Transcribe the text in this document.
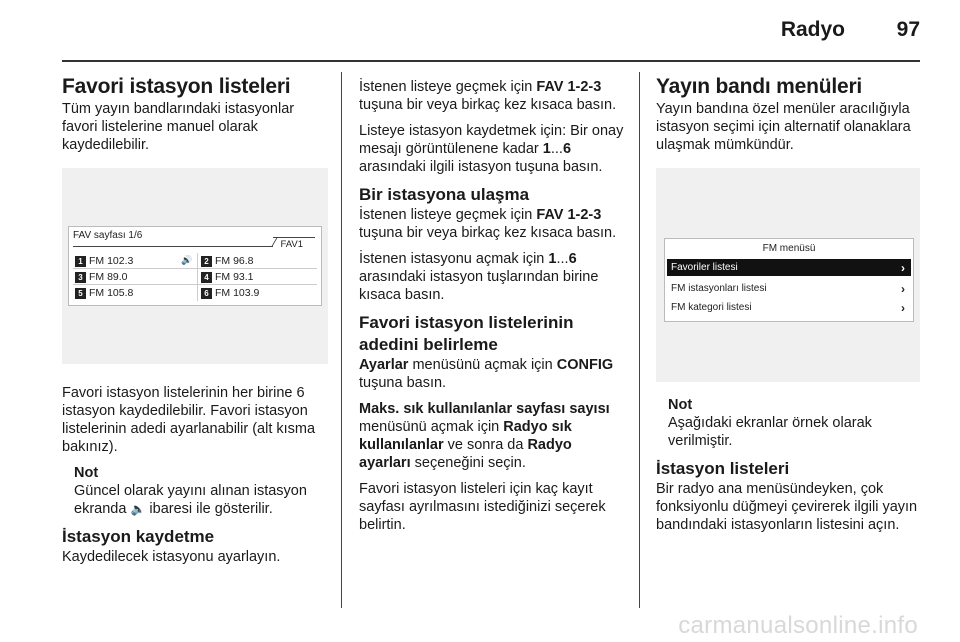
Radyo 97
Favori istasyon listeleri

Tüm yayın bandlarındaki istasyonlar favori listelerine manuel olarak kaydedilebilir.

FAV sayfası 1/6
FAV1
1 FM 102.3	🔊	2 FM 96.8
3 FM 89.0	4 FM 93.1
5 FM 105.8	6 FM 103.9

Favori istasyon listelerinin her birine 6 istasyon kaydedilebilir. Favori istasyon listelerinin adedi ayarlanabilir (alt kısma bakınız).

Not

Güncel olarak yayını alınan istasyon ekranda 🔈 ibaresi ile gösterilir.

İstasyon kaydetme

Kaydedilecek istasyonu ayarlayın.

İstenen listeye geçmek için FAV 1-2-3 tuşuna bir veya birkaç kez kısaca basın.

Listeye istasyon kaydetmek için: Bir onay mesajı görüntülenene kadar 1...6 arasındaki ilgili istasyon tuşuna basın.

Bir istasyona ulaşma

İstenen listeye geçmek için FAV 1-2-3 tuşuna bir veya birkaç kez kısaca basın.

İstenen istasyonu açmak için 1...6 arasındaki istasyon tuşlarından birine kısaca basın.

Favori istasyon listelerinin adedini belirleme

Ayarlar menüsünü açmak için CONFIG tuşuna basın.

Maks. sık kullanılanlar sayfası sayısı menüsünü açmak için Radyo sık kullanılanlar ve sonra da Radyo ayarları seçeneğini seçin.

Favori istasyon listeleri için kaç kayıt sayfası ayrılmasını istediğinizi seçerek belirtin.

Yayın bandı menüleri

Yayın bandına özel menüler aracılığıyla istasyon seçimi için alternatif olanaklara ulaşmak mümkündür.

FM menüsü
Favoriler listesi	›
FM istasyonları listesi	›
FM kategori listesi	›
Not

Aşağıdaki ekranlar örnek olarak verilmiştir.

İstasyon listeleri

Bir radyo ana menüsündeyken, çok fonksiyonlu düğmeyi çevirerek ilgili yayın bandındaki istasyonların listesini açın.

carmanualsonline.info
